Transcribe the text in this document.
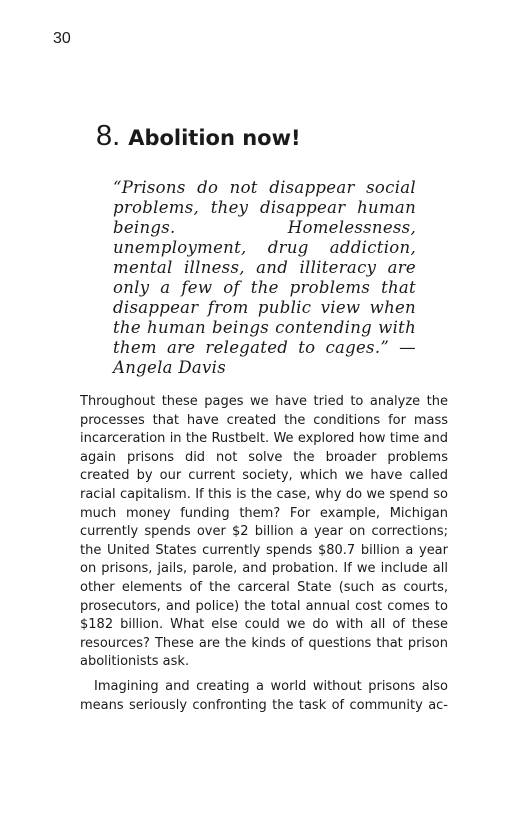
30
8. Abolition now!
“Prisons do not disappear social problems, they disappear human beings. Homelessness, unemployment, drug addiction, mental illness, and illiteracy are only a few of the problems that disappear from public view when the human beings contending with them are relegated to cages.” —Angela Davis

Throughout these pages we have tried to analyze the processes that have created the conditions for mass incarceration in the Rustbelt. We explored how time and again prisons did not solve the broader problems created by our current society, which we have called racial capitalism. If this is the case, why do we spend so much money funding them? For example, Michigan currently spends over $2 billion a year on corrections; the United States currently spends $80.7 billion a year on prisons, jails, parole, and probation. If we include all other elements of the carceral State (such as courts, prosecutors, and police) the total annual cost comes to $182 billion. What else could we do with all of these resources? These are the kinds of questions that prison abolitionists ask.

Imagining and creating a world without prisons also means seriously confronting the task of community ac-
